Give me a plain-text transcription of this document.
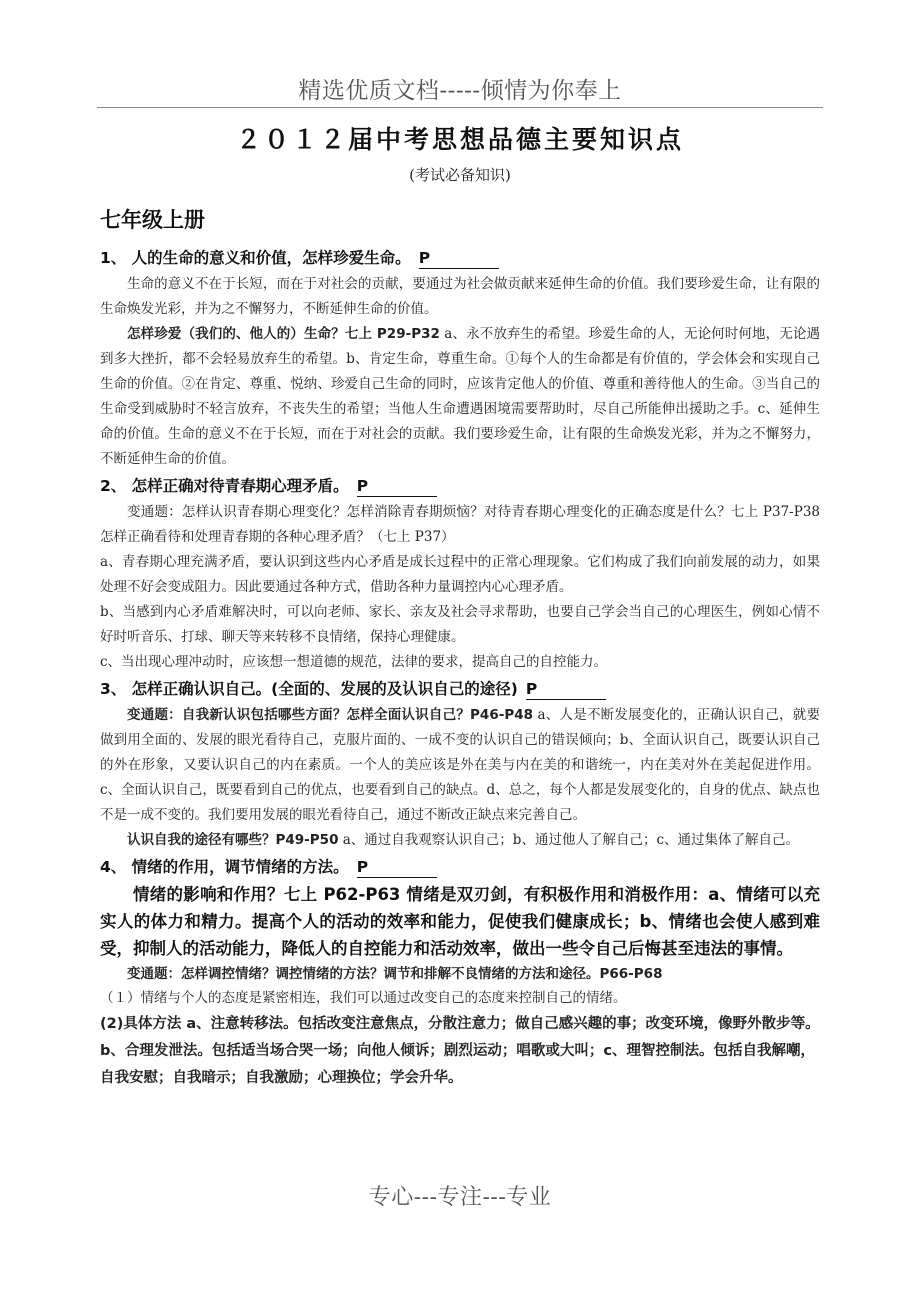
精选优质文档-----倾情为你奉上
２０１２届中考思想品德主要知识点
(考试必备知识)
七年级上册
1、 人的生命的意义和价值，怎样珍爱生命。 P

生命的意义不在于长短，而在于对社会的贡献，要通过为社会做贡献来延伸生命的价值。我们要珍爱生命，让有限的生命焕发光彩，并为之不懈努力，不断延伸生命的价值。

怎样珍爱（我们的、他人的）生命？七上 P29-P32 a、永不放弃生的希望。珍爱生命的人，无论何时何地，无论遇到多大挫折，都不会轻易放弃生的希望。b、肯定生命，尊重生命。①每个人的生命都是有价值的，学会体会和实现自己生命的价值。②在肯定、尊重、悦纳、珍爱自己生命的同时，应该肯定他人的价值、尊重和善待他人的生命。③当自己的生命受到威胁时不轻言放弃，不丧失生的希望；当他人生命遭遇困境需要帮助时，尽自己所能伸出援助之手。c、延伸生命的价值。生命的意义不在于长短，而在于对社会的贡献。我们要珍爱生命，让有限的生命焕发光彩，并为之不懈努力，不断延伸生命的价值。

2、 怎样正确对待青春期心理矛盾。 P

变通题：怎样认识青春期心理变化？怎样消除青春期烦恼？对待青春期心理变化的正确态度是什么？七上 P37-P38 怎样正确看待和处理青春期的各种心理矛盾？（七上 P37）

a、青春期心理充满矛盾，要认识到这些内心矛盾是成长过程中的正常心理现象。它们构成了我们向前发展的动力，如果处理不好会变成阻力。因此要通过各种方式，借助各种力量调控内心心理矛盾。

b、当感到内心矛盾难解决时，可以向老师、家长、亲友及社会寻求帮助，也要自己学会当自己的心理医生，例如心情不好时听音乐、打球、聊天等来转移不良情绪，保持心理健康。

c、当出现心理冲动时，应该想一想道德的规范，法律的要求，提高自己的自控能力。

3、 怎样正确认识自己。(全面的、发展的及认识自己的途径) P

变通题：自我新认识包括哪些方面？怎样全面认识自己？P46-P48 a、人是不断发展变化的，正确认识自己，就要做到用全面的、发展的眼光看待自己，克服片面的、一成不变的认识自己的错误倾向；b、全面认识自己，既要认识自己的外在形象，又要认识自己的内在素质。一个人的美应该是外在美与内在美的和谐统一，内在美对外在美起促进作用。c、全面认识自己，既要看到自己的优点，也要看到自己的缺点。d、总之，每个人都是发展变化的，自身的优点、缺点也不是一成不变的。我们要用发展的眼光看待自己，通过不断改正缺点来完善自己。

认识自我的途径有哪些？P49-P50 a、通过自我观察认识自己；b、通过他人了解自己；c、通过集体了解自己。

4、 情绪的作用，调节情绪的方法。 P

情绪的影响和作用？七上 P62-P63 情绪是双刃剑，有积极作用和消极作用：a、情绪可以充实人的体力和精力。提高个人的活动的效率和能力，促使我们健康成长；b、情绪也会使人感到难受，抑制人的活动能力，降低人的自控能力和活动效率，做出一些令自己后悔甚至违法的事情。

变通题：怎样调控情绪？调控情绪的方法？调节和排解不良情绪的方法和途径。P66-P68

（１）情绪与个人的态度是紧密相连，我们可以通过改变自己的态度来控制自己的情绪。

(2)具体方法 a、注意转移法。包括改变注意焦点，分散注意力；做自己感兴趣的事；改变环境，像野外散步等。b、合理发泄法。包括适当场合哭一场；向他人倾诉；剧烈运动；唱歌或大叫；c、理智控制法。包括自我解嘲，自我安慰；自我暗示；自我激励；心理换位；学会升华。

专心---专注---专业
